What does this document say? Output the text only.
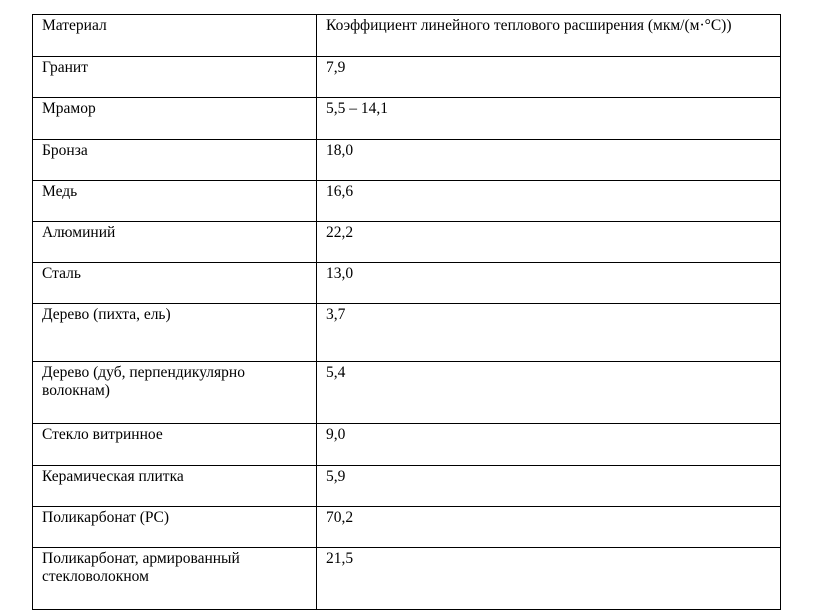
Материал	Коэффициент линейного теплового расширения (мкм/(м·°С))
Гранит	7,9
Мрамор	5,5 – 14,1
Бронза	18,0
Медь	16,6
Алюминий	22,2
Сталь	13,0
Дерево (пихта, ель)	3,7
Дерево (дуб, перпендикулярно волокнам)	5,4
Стекло витринное	9,0
Керамическая плитка	5,9
Поликарбонат (PC)	70,2
Поликарбонат, армированный стекловолокном	21,5
